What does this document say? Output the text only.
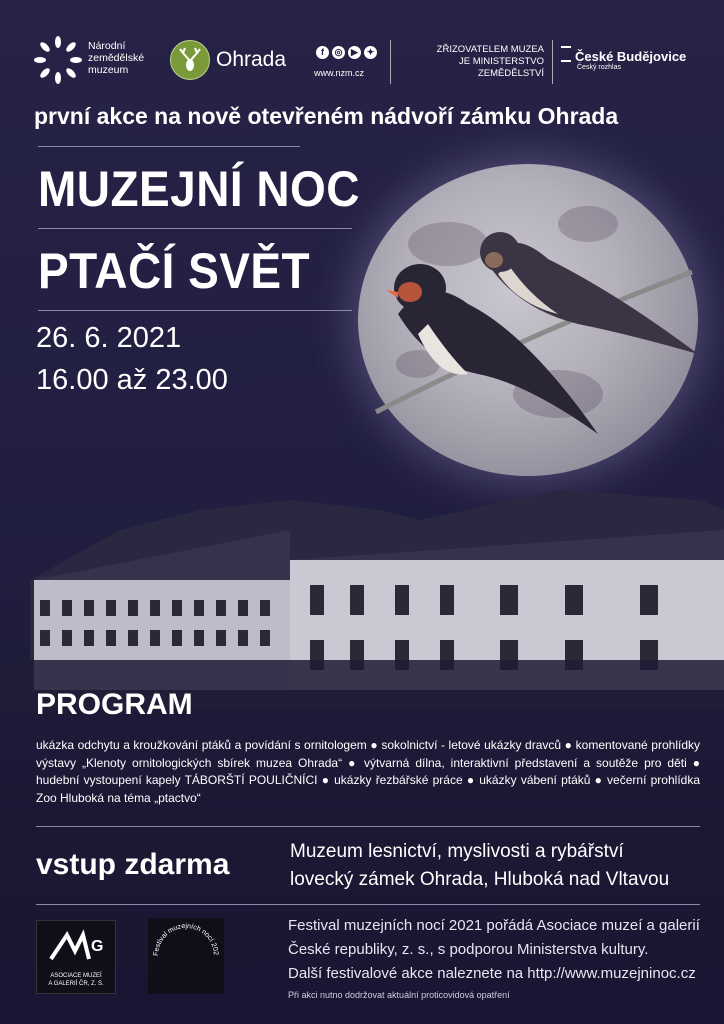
Národní
zemědělské
muzeum	Ohrada	f	◎ ▶ ✦
www.nzm.cz
ZŘIZOVATELEM MUZEA
JE MINISTERSTVO ZEMĚDĚLSTVÍ
České Budějovice
Český rozhlas
první akce na nově otevřeném nádvoří zámku Ohrada
MUZEJNÍ NOC
PTAČÍ SVĚT
26. 6. 2021
16.00 až 23.00
PROGRAM
ukázka odchytu a kroužkování ptáků a povídání s ornitologem ● sokolnictví - letové ukázky dravců ● komentované prohlídky výstavy „Klenoty ornitologických sbírek muzea Ohrada“ ● výtvarná dílna, interaktivní představení a soutěže pro děti ● hudební vystoupení kapely TÁBORŠTÍ POULIČNÍCI ● ukázky řezbářské práce ● ukázky vábení ptáků ● večerní prohlídka Zoo Hluboká na téma „ptactvo“
vstup zdarma	Muzeum lesnictví, myslivosti a rybářství
lovecký zámek Ohrada, Hluboká nad Vltavou
G
ASOCIACE MUZEÍ
A GALERIÍ ČR, Z. S.
Festival muzejních nocí 202
Festival muzejních nocí 2021 pořádá Asociace muzeí a galerií
České republiky, z. s., s podporou Ministerstva kultury.
Další festivalové akce naleznete na http://www.muzejninoc.cz
Při akci nutno dodržovat aktuální proticovidová opatření
